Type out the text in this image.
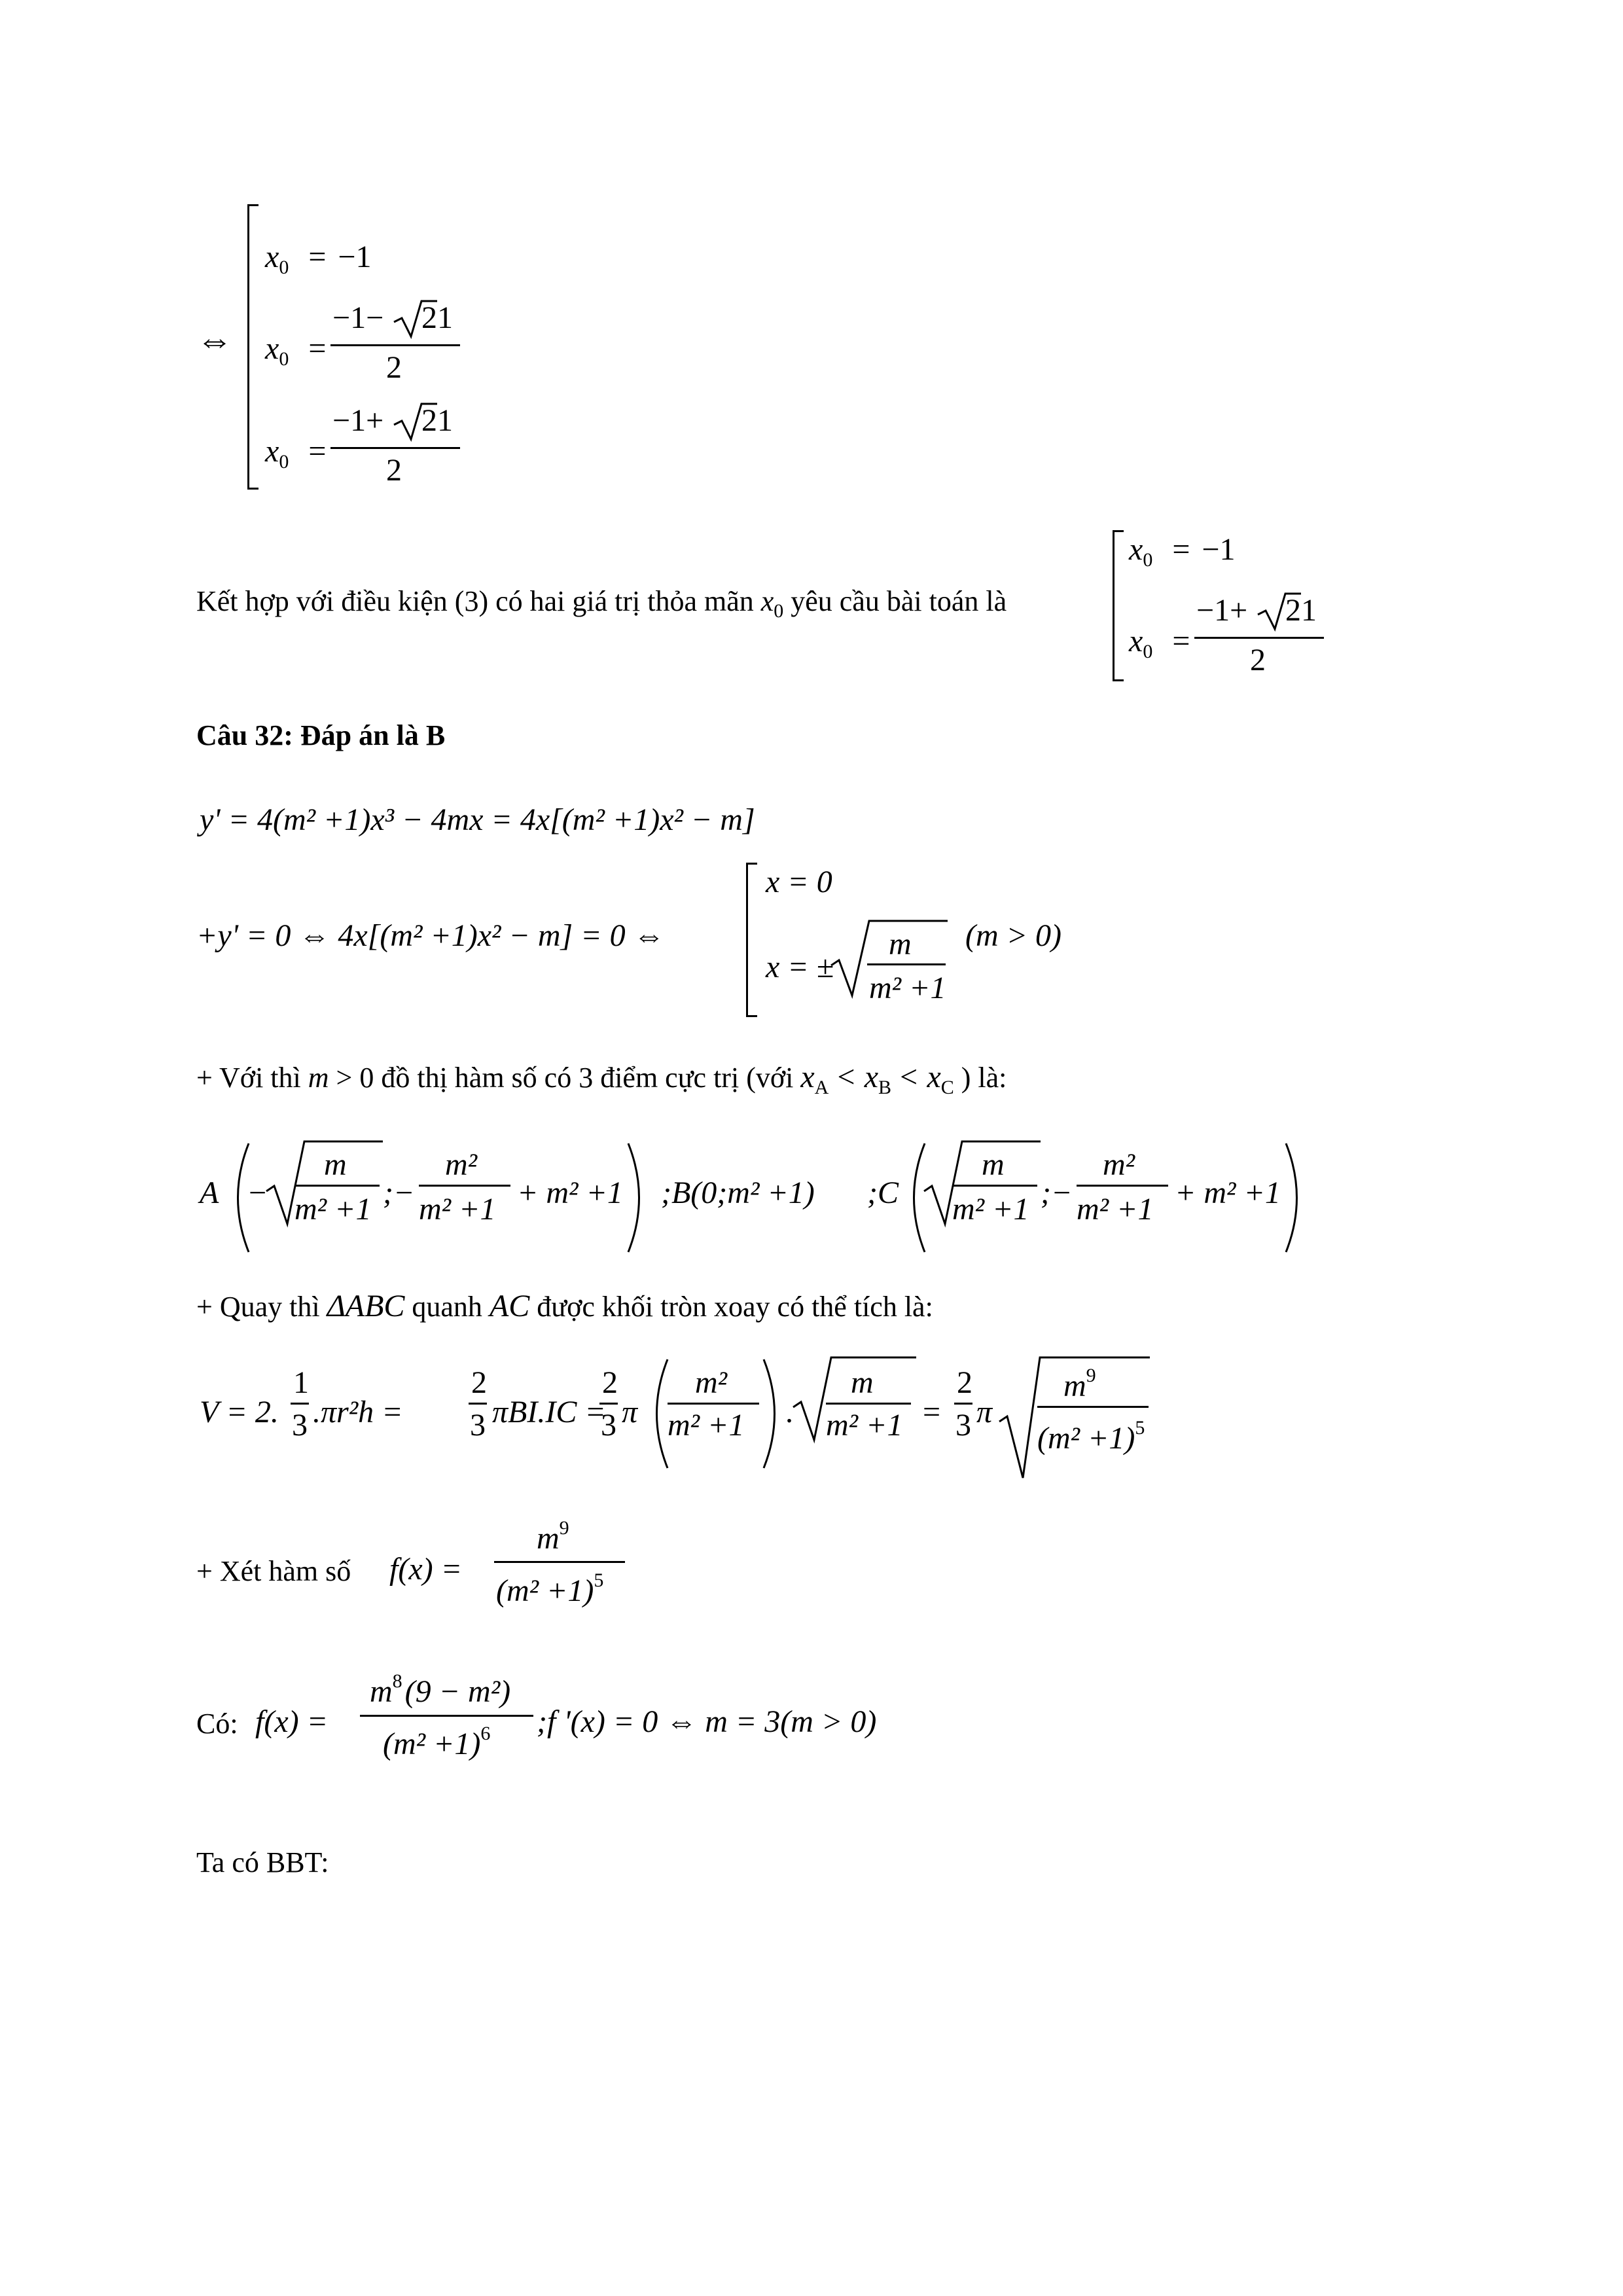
⇔
$x_0 = -1$
$x_0$ =
−1− 21
2
$x_0$ =
−1+ 21
2
Kết hợp với điều kiện (3) có hai giá trị thỏa mãn $x_0$ yêu cầu bài toán là
$x_0 = -1$
$x_0$ =
−1+ 21
2
Câu 32: Đáp án là B
y' = 4(m² +1)x³ − 4mx = 4x[(m² +1)x² − m]
+y' = 0 ⇔ 4x[(m² +1)x² − m] = 0 ⇔
x = 0
x = ±
m
m² +1
(m > 0)
+ Với thì m > 0 đồ thị hàm số có 3 điểm cực trị (với $x_A < x_B < x_C$ ) là:
A −
m
m² +1 ;−
m²
m² +1 + m² +1 ;B(0;m² +1) ;C
m
m² +1 ;−
m²
m² +1 + m² +1
+ Quay thì ΔABC quanh AC được khối tròn xoay có thể tích là:
V = 2.
1
3 .πr²h =
2
3 πBI.IC =
2
3 π
m²
m² +1 .
m
m² +1 =
2
3 π
$m^9$
$(m^2 +1)^5$
+ Xét hàm số f(x) =
$m^9$
$(m^2 +1)^5$
Có: f(x) =
$m^8(9 - m^2)$
$(m^2 +1)^6$ ;f '(x) = 0 ⇔ m = 3(m > 0)
Ta có BBT:
